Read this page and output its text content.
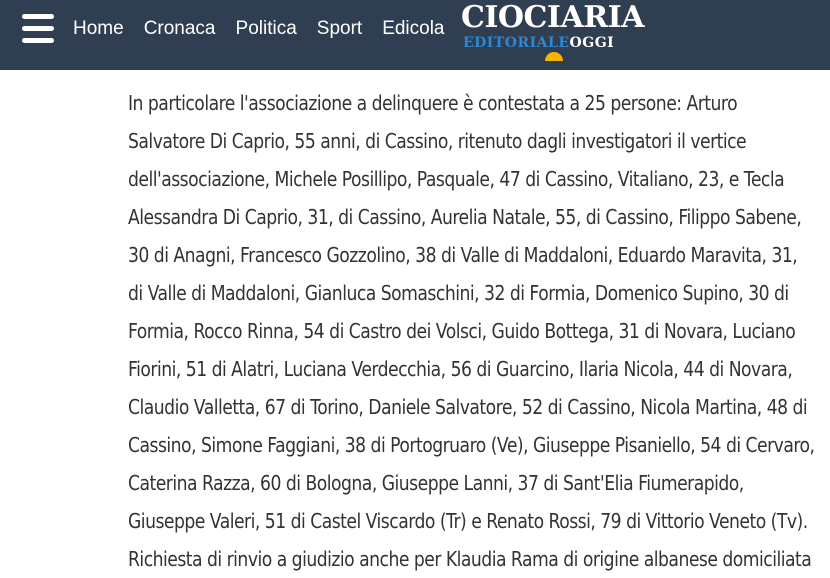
Home Cronaca Politica Sport Edicola CIOCIARIA
EDITORIALEOGGI
In particolare l'associazione a delinquere è contestata a 25 persone: Arturo Salvatore Di Caprio, 55 anni, di Cassino, ritenuto dagli investigatori il vertice dell'associazione, Michele Posillipo, Pasquale, 47 di Cassino, Vitaliano, 23, e Tecla Alessandra Di Caprio, 31, di Cassino, Aurelia Natale, 55, di Cassino, Filippo Sabene, 30 di Anagni, Francesco Gozzolino, 38 di Valle di Maddaloni, Eduardo Maravita, 31, di Valle di Maddaloni, Gianluca Somaschini, 32 di Formia, Domenico Supino, 30 di Formia, Rocco Rinna, 54 di Castro dei Volsci, Guido Bottega, 31 di Novara, Luciano Fiorini, 51 di Alatri, Luciana Verdecchia, 56 di Guarcino, Ilaria Nicola, 44 di Novara, Claudio Valletta, 67 di Torino, Daniele Salvatore, 52 di Cassino, Nicola Martina, 48 di Cassino, Simone Faggiani, 38 di Portogruaro (Ve), Giuseppe Pisaniello, 54 di Cervaro, Caterina Razza, 60 di Bologna, Giuseppe Lanni, 37 di Sant'Elia Fiumerapido, Giuseppe Valeri, 51 di Castel Viscardo (Tr) e Renato Rossi, 79 di Vittorio Veneto (Tv). Richiesta di rinvio a giudizio anche per Klaudia Rama di origine albanese domiciliata
